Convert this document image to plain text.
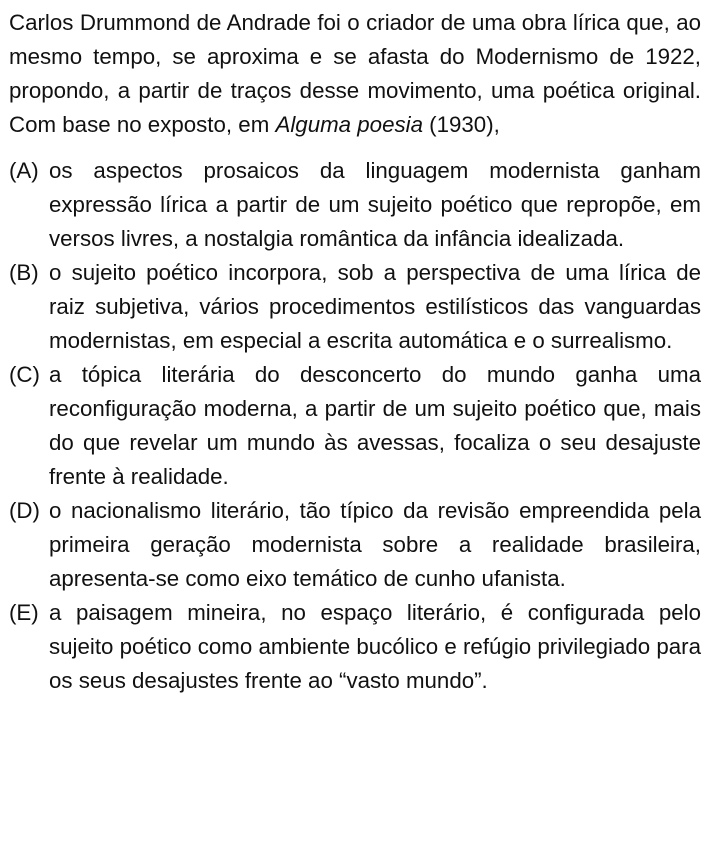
Carlos Drummond de Andrade foi o criador de uma obra lírica que, ao mesmo tempo, se aproxima e se afasta do Modernismo de 1922, propondo, a partir de traços desse movimento, uma poética original. Com base no exposto, em Alguma poesia (1930),

(A) os aspectos prosaicos da linguagem modernista ganham expressão lírica a partir de um sujeito poético que repropõe, em versos livres, a nostalgia romântica da infância idealizada.
(B) o sujeito poético incorpora, sob a perspectiva de uma lírica de raiz subjetiva, vários procedimentos estilísticos das vanguardas modernistas, em especial a escrita automática e o surrealismo.
(C) a tópica literária do desconcerto do mundo ganha uma reconfiguração moderna, a partir de um sujeito poético que, mais do que revelar um mundo às avessas, focaliza o seu desajuste frente à realidade.
(D) o nacionalismo literário, tão típico da revisão empreendida pela primeira geração modernista sobre a realidade brasileira, apresenta-se como eixo temático de cunho ufanista.
(E) a paisagem mineira, no espaço literário, é configurada pelo sujeito poético como ambiente bucólico e refúgio privilegiado para os seus desajustes frente ao “vasto mundo”.
